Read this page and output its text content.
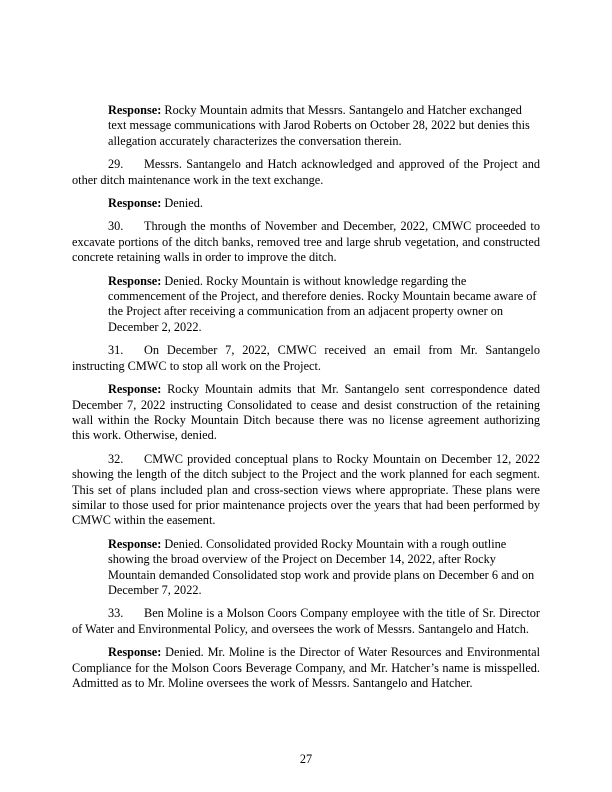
Response: Rocky Mountain admits that Messrs. Santangelo and Hatcher exchanged text message communications with Jarod Roberts on October 28, 2022 but denies this allegation accurately characterizes the conversation therein.

29. Messrs. Santangelo and Hatch acknowledged and approved of the Project and other ditch maintenance work in the text exchange.

Response: Denied.

30. Through the months of November and December, 2022, CMWC proceeded to excavate portions of the ditch banks, removed tree and large shrub vegetation, and constructed concrete retaining walls in order to improve the ditch.

Response: Denied. Rocky Mountain is without knowledge regarding the commencement of the Project, and therefore denies. Rocky Mountain became aware of the Project after receiving a communication from an adjacent property owner on December 2, 2022.

31. On December 7, 2022, CMWC received an email from Mr. Santangelo instructing CMWC to stop all work on the Project.

Response: Rocky Mountain admits that Mr. Santangelo sent correspondence dated December 7, 2022 instructing Consolidated to cease and desist construction of the retaining wall within the Rocky Mountain Ditch because there was no license agreement authorizing this work. Otherwise, denied.

32. CMWC provided conceptual plans to Rocky Mountain on December 12, 2022 showing the length of the ditch subject to the Project and the work planned for each segment. This set of plans included plan and cross-section views where appropriate. These plans were similar to those used for prior maintenance projects over the years that had been performed by CMWC within the easement.

Response: Denied. Consolidated provided Rocky Mountain with a rough outline showing the broad overview of the Project on December 14, 2022, after Rocky Mountain demanded Consolidated stop work and provide plans on December 6 and on December 7, 2022.

33. Ben Moline is a Molson Coors Company employee with the title of Sr. Director of Water and Environmental Policy, and oversees the work of Messrs. Santangelo and Hatch.

Response: Denied. Mr. Moline is the Director of Water Resources and Environmental Compliance for the Molson Coors Beverage Company, and Mr. Hatcher’s name is misspelled. Admitted as to Mr. Moline oversees the work of Messrs. Santangelo and Hatcher.

27
